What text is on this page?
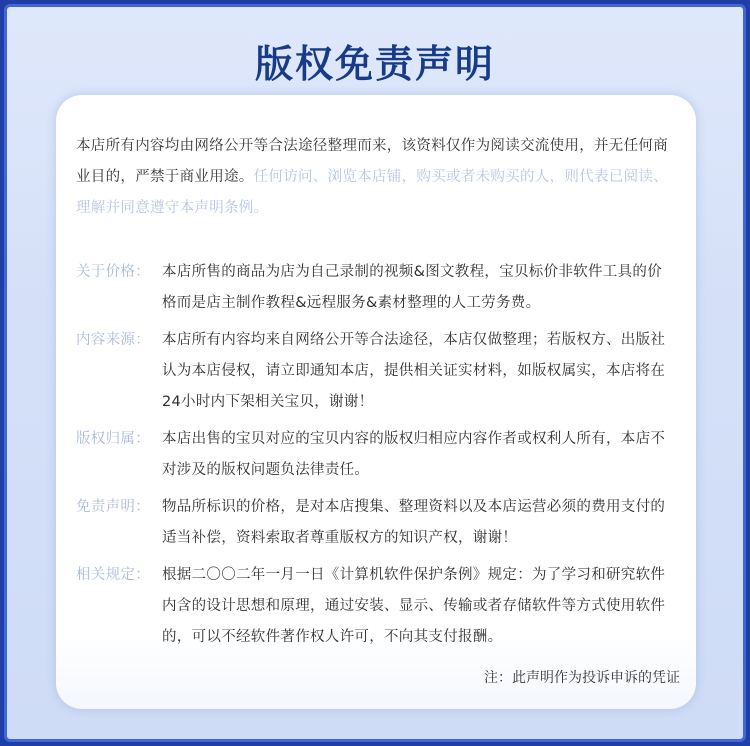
版权免责声明
本店所有内容均由网络公开等合法途径整理而来，该资料仅作为阅读交流使用，并无任何商业目的，严禁于商业用途。任何访问、浏览本店铺，购买或者未购买的人，则代表已阅读、理解并同意遵守本声明条例。
关于价格： 本店所售的商品为店为自己录制的视频&图文教程，宝贝标价非软件工具的价格而是店主制作教程&远程服务&素材整理的人工劳务费。
内容来源： 本店所有内容均来自网络公开等合法途径，本店仅做整理；若版权方、出版社认为本店侵权，请立即通知本店，提供相关证实材料，如版权属实，本店将在24小时内下架相关宝贝，谢谢！
版权归属： 本店出售的宝贝对应的宝贝内容的版权归相应内容作者或权利人所有，本店不对涉及的版权问题负法律责任。
免责声明： 物品所标识的价格，是对本店搜集、整理资料以及本店运营必须的费用支付的适当补偿，资料索取者尊重版权方的知识产权，谢谢！
相关规定： 根据二〇〇二年一月一日《计算机软件保护条例》规定：为了学习和研究软件内含的设计思想和原理，通过安装、显示、传输或者存储软件等方式使用软件的，可以不经软件著作权人许可，不向其支付报酬。
注：此声明作为投诉申诉的凭证
